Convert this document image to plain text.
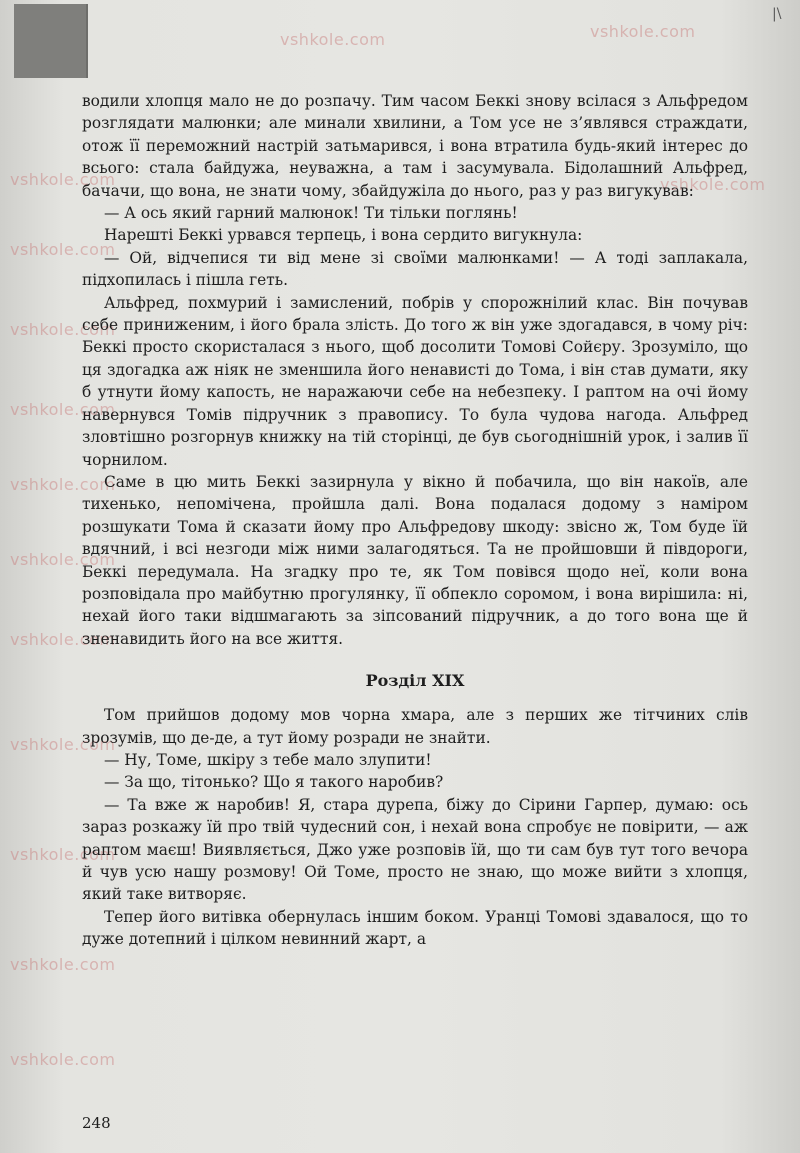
|\
vshkole.com	vshkole.com
vshkole.com	vshkole.com
vshkole.com
vshkole.com
vshkole.com
vshkole.com
vshkole.com
vshkole.com
vshkole.com
vshkole.com
vshkole.com
vshkole.com

водили хлопця мало не до розпачу. Тим часом Беккі знову всілася з Альфредом розглядати малюнки; але минали хвилини, а Том усе не з’являвся страждати, отож її переможний настрій затьмарився, і вона втратила будь-який інтерес до всього: стала байдужа, неуважна, а там і засумувала. Бідолашний Альфред, бачачи, що вона, не знати чому, збайдужіла до нього, раз у раз вигукував:

— А ось який гарний малюнок! Ти тільки поглянь!

Нарешті Беккі урвався терпець, і вона сердито вигукнула:

— Ой, відчепися ти від мене зі своїми малюнками! — А тоді заплакала, підхопилась і пішла геть.

Альфред, похмурий і замислений, побрів у спорожнілий клас. Він почував себе приниженим, і його брала злість. До того ж він уже здогадався, в чому річ: Беккі просто скористалася з нього, щоб досолити Томові Сойєру. Зрозуміло, що ця здогадка аж ніяк не зменшила його ненависті до Тома, і він став думати, яку б утнути йому капость, не наражаючи себе на небезпеку. І раптом на очі йому навернувся Томів підручник з правопису. То була чудова нагода. Альфред зловтішно розгорнув книжку на тій сторінці, де був сьогоднішній урок, і залив її чорнилом.

Саме в цю мить Беккі зазирнула у вікно й побачила, що він накоїв, але тихенько, непомічена, пройшла далі. Вона подалася додому з наміром розшукати Тома й сказати йому про Альфредову шкоду: звісно ж, Том буде їй вдячний, і всі незгоди між ними залагодяться. Та не пройшовши й півдороги, Беккі передумала. На згадку про те, як Том повівся щодо неї, коли вона розповідала про майбутню прогулянку, її обпекло соромом, і вона вирішила: ні, нехай його таки відшмагають за зіпсований підручник, а до того вона ще й зненавидить його на все життя.

Розділ XIX

Том прийшов додому мов чорна хмара, але з перших же тітчиних слів зрозумів, що де-де, а тут йому розради не знайти.

— Ну, Томе, шкіру з тебе мало злупити!

— За що, тітонько? Що я такого наробив?

— Та вже ж наробив! Я, стара дурепа, біжу до Сірини Гарпер, думаю: ось зараз розкажу їй про твій чудесний сон, і нехай вона спробує не повірити, — аж раптом маєш! Виявляється, Джо уже розповів їй, що ти сам був тут того вечора й чув усю нашу розмову! Ой Томе, просто не знаю, що може вийти з хлопця, який таке витворяє.

Тепер його витівка обернулась іншим боком. Уранці Томові здавалося, що то дуже дотепний і цілком невинний жарт, а

248
